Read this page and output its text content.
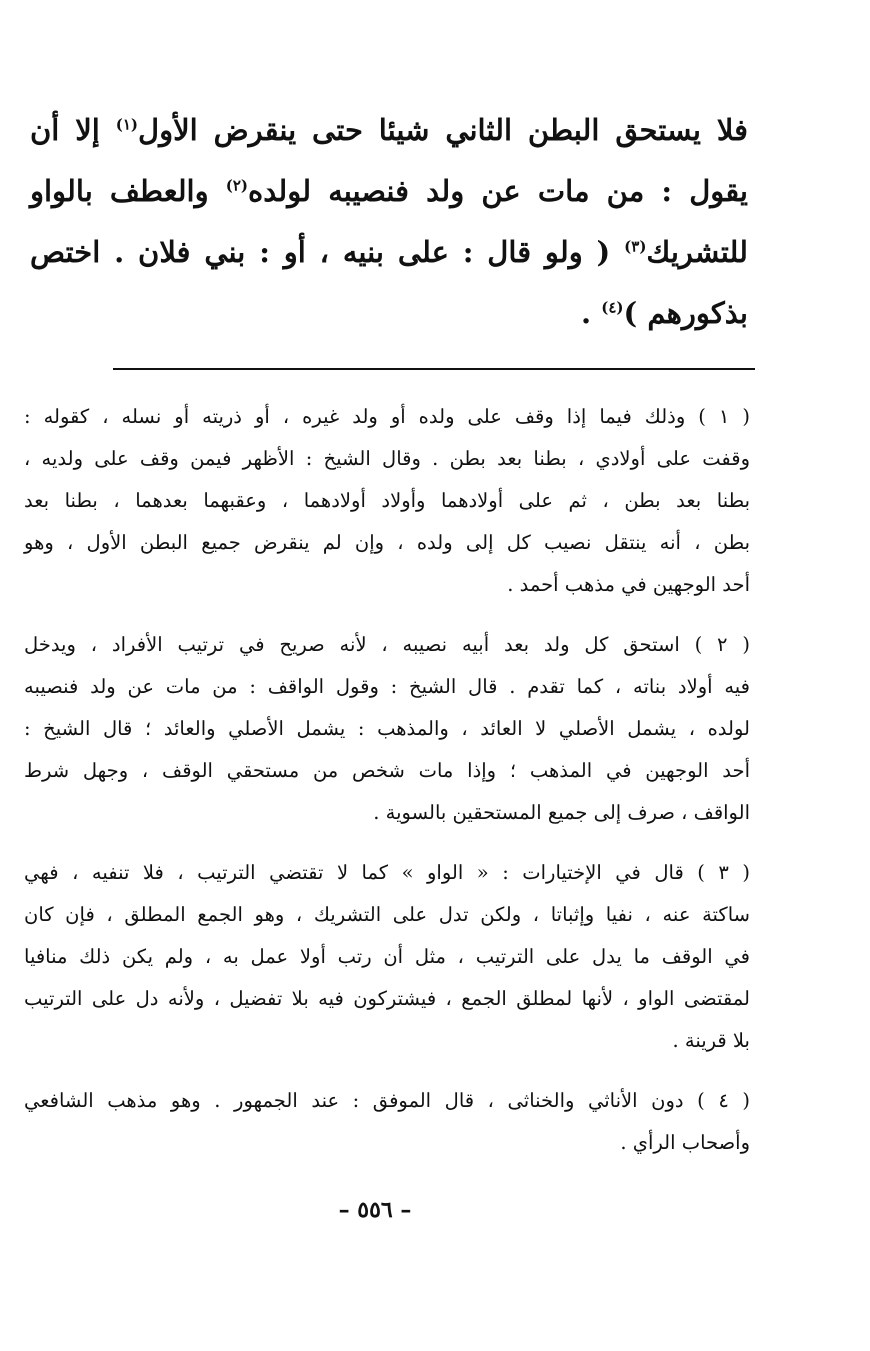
فلا يستحق البطن الثاني شيئا حتى ينقرض الأول$^{(١)}$ إلا أن
يقول : من مات عن ولد فنصيبه لولده$^{(٢)}$ والعطف بالواو
للتشريك$^{(٣)}$ ( ولو قال : على بنيه ، أو : بني فلان . اختص
بذكورهم )$^{(٤)}$ .
( ١ ) وذلك فيما إذا وقف على ولده أو ولد غيره ، أو ذريته أو نسله ، كقوله :
وقفت على أولادي ، بطنا بعد بطن . وقال الشيخ : الأظهر فيمن وقف على ولديه ،
بطنا بعد بطن ، ثم على أولادهما وأولاد أولادهما ، وعقبهما بعدهما ، بطنا بعد
بطن ، أنه ينتقل نصيب كل إلى ولده ، وإن لم ينقرض جميع البطن الأول ، وهو
أحد الوجهين في مذهب أحمد .
( ٢ ) استحق كل ولد بعد أبيه نصيبه ، لأنه صريح في ترتيب الأفراد ، ويدخل
فيه أولاد بناته ، كما تقدم . قال الشيخ : وقول الواقف : من مات عن ولد فنصيبه
لولده ، يشمل الأصلي لا العائد ، والمذهب : يشمل الأصلي والعائد ؛ قال الشيخ :
أحد الوجهين في المذهب ؛ وإذا مات شخص من مستحقي الوقف ، وجهل شرط
الواقف ، صرف إلى جميع المستحقين بالسوية .
( ٣ ) قال في الإختيارات : « الواو » كما لا تقتضي الترتيب ، فلا تنفيه ، فهي
ساكتة عنه ، نفيا وإثباتا ، ولكن تدل على التشريك ، وهو الجمع المطلق ، فإن كان
في الوقف ما يدل على الترتيب ، مثل أن رتب أولا عمل به ، ولم يكن ذلك منافيا
لمقتضى الواو ، لأنها لمطلق الجمع ، فيشتركون فيه بلا تفضيل ، ولأنه دل على الترتيب
بلا قرينة .
( ٤ ) دون الأناثي والخناثى ، قال الموفق : عند الجمهور . وهو مذهب الشافعي
وأصحاب الرأي .
– ٥٥٦ –
